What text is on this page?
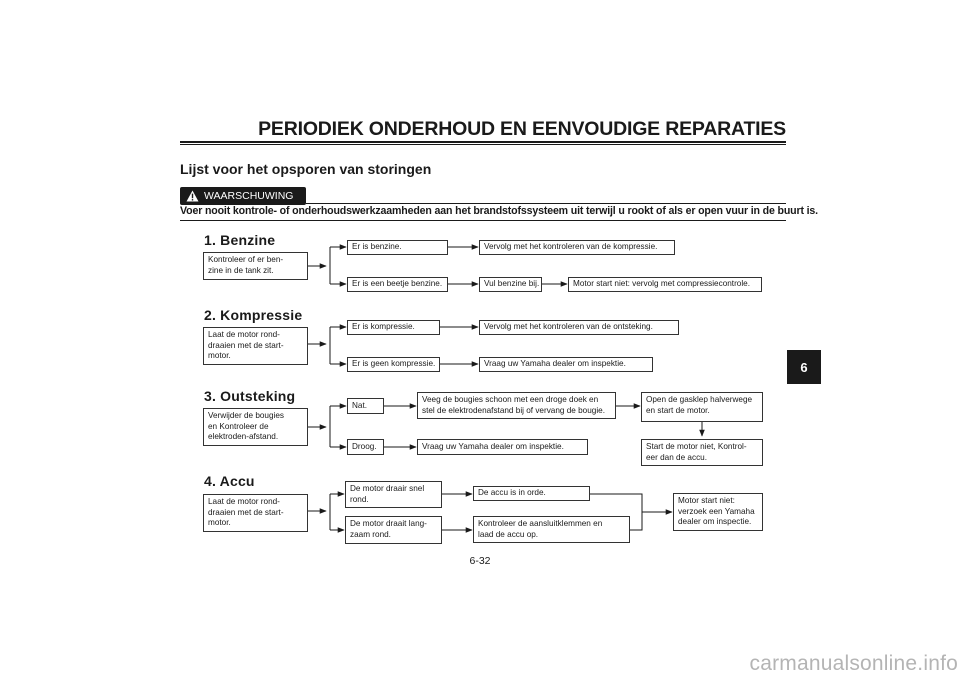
PERIODIEK ONDERHOUD EN EENVOUDIGE REPARATIES
Lijst voor het opsporen van storingen
WAARSCHUWING
Voer nooit kontrole- of onderhoudswerkzaamheden aan het brandstofssysteem uit terwijl u rookt of als er open vuur in de buurt is.
1. Benzine
Kontroleer of er ben-
zine in de tank zit.
Er is benzine.	Vervolg met het kontroleren van de kompressie.
Er is een beetje benzine.	Vul benzine bij.	Motor start niet: vervolg met compressiecontrole.
2. Kompressie
Laat de motor rond-
draaien met de start-
motor.
Er is kompressie.	Vervolg met het kontroleren van de ontsteking.
Er is geen kompressie.	Vraag uw Yamaha dealer om inspektie.
3. Outsteking
Verwijder de bougies
en Kontroleer de
elektroden-afstand.
Nat.
Veeg de bougies schoon met een droge doek en
stel de elektrodenafstand bij of vervang de bougie.
Open de gasklep halverwege
en start de motor.
Start de motor niet, Kontrol-
eer dan de accu.
Droog.	Vraag uw Yamaha dealer om inspektie.
4. Accu
Laat de motor rond-
draaien met de start-
motor.
De motor draair snel
rond.
De accu is in orde.
De motor draait lang-
zaam rond.
Kontroleer de aansluitklemmen en
laad de accu op.
Motor start niet:
verzoek een Yamaha
dealer om inspectie.
6-32
6
carmanualsonline.info
